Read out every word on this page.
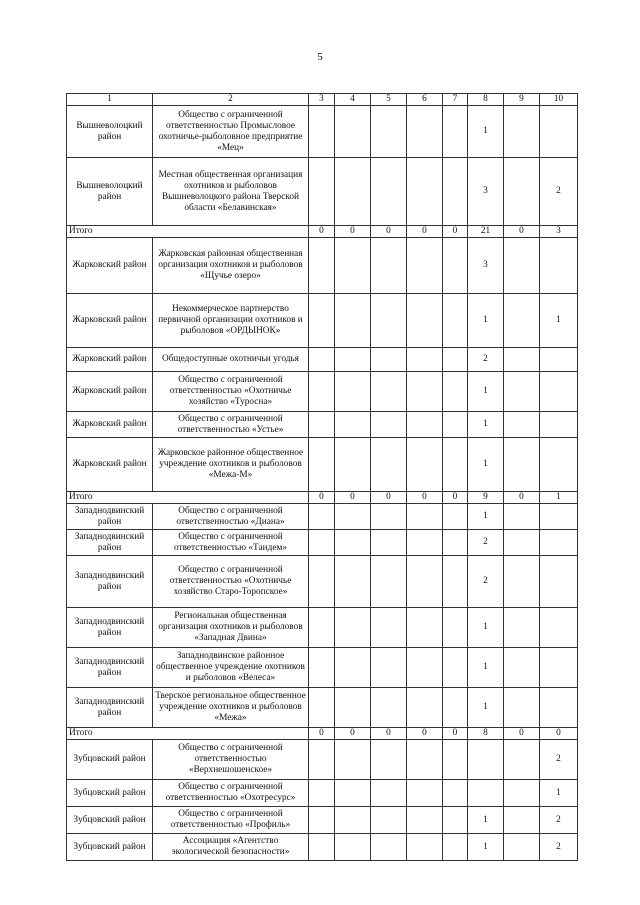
5
1	2	3	4	5	6	7	8	9	10
Вышневолоцкий район	Общество с ограниченной ответственностью Промысловое охотничье-рыболовное предприятие «Мец»						1		
Вышневолоцкий район	Местная общественная организация охотников и рыболовов Вышневолоцкого района Тверской области «Белавинская»						3		2
Итого		0	0	0	0	0	21	0	3
Жарковский район	Жарковская районная общественная организация охотников и рыболовов «Щучье озеро»						3		
Жарковский район	Некоммерческое партнерство первичной организации охотников и рыболовов «ОРДЫНОК»						1		1
Жарковский район	Общедоступные охотничьи угодья						2		
Жарковский район	Общество с ограниченной ответственностью «Охотничье хозяйство «Туросна»						1		
Жарковский район	Общество с ограниченной ответственностью «Устье»						1		
Жарковский район	Жарковское районное общественное учреждение охотников и рыболовов «Межа-М»						1		
Итого		0	0	0	0	0	9	0	1
Западнодвинский район	Общество с ограниченной ответственностью «Диана»						1		
Западнодвинский район	Общество с ограниченной ответственностью «Тандем»						2		
Западнодвинский район	Общество с ограниченной ответственностью «Охотничье хозяйство Старо-Торопское»						2		
Западнодвинский район	Региональная общественная организация охотников и рыболовов «Западная Двина»						1		
Западнодвинский район	Западнодвинское районное общественное учреждение охотников и рыболовов «Велеса»						1		
Западнодвинский район	Тверское региональное общественное учреждение охотников и рыболовов «Межа»						1		
Итого		0	0	0	0	0	8	0	0
Зубцовский район	Общество с ограниченной ответственностью «Верхнешошенское»								2
Зубцовский район	Общество с ограниченной ответственностью «Охотресурс»								1
Зубцовский район	Общество с ограниченной ответственностью «Профиль»						1		2
Зубцовский район	Ассоциация «Агентство экологической безопасности»						1		2
